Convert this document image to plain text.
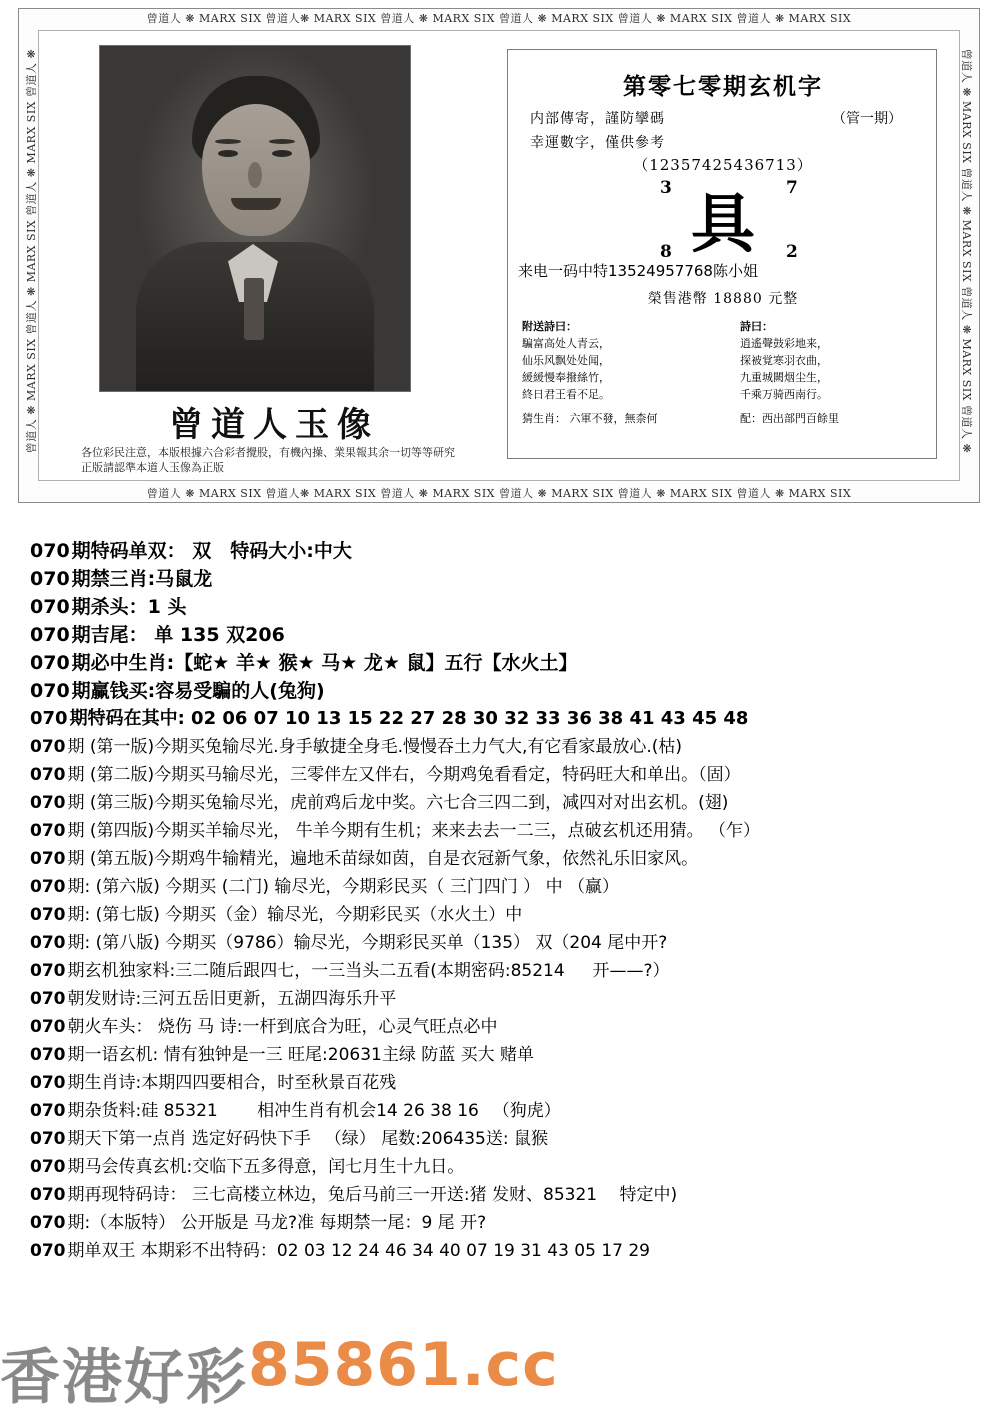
曾道人 ❋ MARX SIX 曾道人❋ MARX SIX 曾道人 ❋ MARX SIX 曾道人 ❋ MARX SIX 曾道人 ❋ MARX SIX 曾道人 ❋ MARX SIX
曾道人 ❋ MARX SIX 曾道人❋ MARX SIX 曾道人 ❋ MARX SIX 曾道人 ❋ MARX SIX 曾道人 ❋ MARX SIX 曾道人 ❋ MARX SIX
曾道人 ❋ MARX SIX 曾道人 ❋ MARX SIX 曾道人 ❋ MARX SIX 曾道人 ❋	曾道人 ❋ MARX SIX 曾道人 ❋ MARX SIX 曾道人 ❋ MARX SIX 曾道人 ❋
曾道人玉像
各位彩民注意，本版根據六合彩者攪股，有機內操、業果報其余一切等等研究正版請認準本道人玉像為正版
第零七零期玄机字
内部傳寄，謹防攣碼	（管一期）
幸運數字，僅供參考
（12357425436713）
3	7
8	2
具
来电一码中特13524957768陈小姐
榮售港幣 18880 元整
附送詩曰：
騙富高处人青云，
仙乐风飘处处闻，
緩緩慢奉撥絲竹，
終日君王看不足。
詩曰：
逍遙聲鼓彩地来，
探被覚寒羽衣曲，
九重城闕烟尘生，
千乘万骑西南行。
猜生肖： 六軍不發，無柰何	配：西出部門百餘里
070 期特码单双： 双　特码大小:中大
070 期禁三肖:马鼠龙
070 期杀头：1 头
070 期吉尾： 单 135 双206
070 期必中生肖:【蛇★ 羊★ 猴★ 马★ 龙★ 鼠】五行【水火土】
070 期赢钱买:容易受騙的人(兔狗)
070 期特码在其中: 02 06 07 10 13 15 22 27 28 30 32 33 36 38 41 43 45 48
070 期 (第一版)今期买兔输尽光.身手敏捷全身毛.慢慢吞土力气大,有它看家最放心.(枯)
070 期 (第二版)今期买马输尽光，三零伴左又伴右，今期鸡兔看看定，特码旺大和单出。（固）
070 期 (第三版)今期买兔输尽光，虎前鸡后龙中奖。六七合三四二到，减四对对出玄机。(翅)
070 期 (第四版)今期买羊输尽光， 牛羊今期有生机；来来去去一二三，点破玄机还用猜。 （乍）
070 期 (第五版)今期鸡牛输精光，遍地禾苗绿如茵，自是衣冠新气象，依然礼乐旧家风。
070 期: (第六版) 今期买 (二门) 输尽光，今期彩民买（ 三门四门 ） 中 （赢）
070 期: (第七版) 今期买（金）输尽光，今期彩民买（水火土）中
070 期: (第八版) 今期买（9786）输尽光，今期彩民买单（135） 双（204 尾中开?
070 期玄机独家料:三二随后跟四七，一三当头二五看(本期密码:85214 　 开——?）
070 朝发财诗:三河五岳旧更新，五湖四海乐升平
070 朝火车头： 烧伤 马 诗:一杆到底合为旺，心灵气旺点必中
070 期一语玄机: 情有独钟是一三 旺尾:20631主绿 防蓝 买大 赌单
070 期生肖诗:本期四四要相合，时至秋景百花残
070 期杂货料:硅 85321 　　相冲生肖有机会14 26 38 16 　（狗虎）
070 期天下第一点肖 选定好码快下手 　（绿） 尾数:206435送: 鼠猴
070 期马会传真玄机:交临下五多得意，闰七月生十九日。
070 期再现特码诗： 三七高楼立林边，兔后马前三一开送:猪 发财、85321 　特定中)
070 期:（本版特） 公开版是 马龙?准 每期禁一尾：9 尾 开?
070 期单双王 本期彩不出特码：02 03 12 24 46 34 40 07 19 31 43 05 17 29
香港好彩 85861.cc
